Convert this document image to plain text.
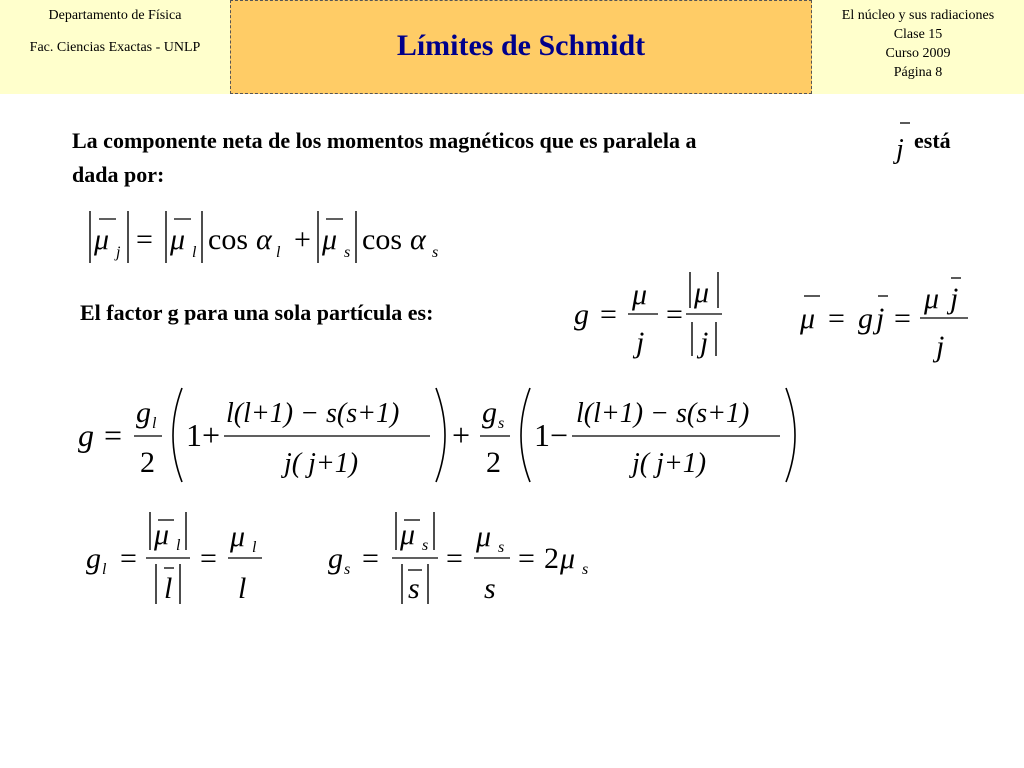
Departamento de Física
Fac. Ciencias Exactas - UNLP	Límites de Schmidt
El núcleo y sus radiaciones
Clase 15
Curso 2009
Página 8
La componente neta de los momentos magnéticos que es paralela a	j está
dada por:
μ j = μ l cos α l + μ s cos α s
El factor g para una sola partícula es:	g =
μ
j
=
μ
j
μ = g j =
μ j
j
g =
g l
2
1 +
l(l+1) − s(s+1)
j( j+1)
+
g s
2
1 −
l(l+1) − s(s+1)
j( j+1)
g l =
μ l
l
=
μ l
l
g s =
μ s
s
=
μ s
s
= 2 μ s
